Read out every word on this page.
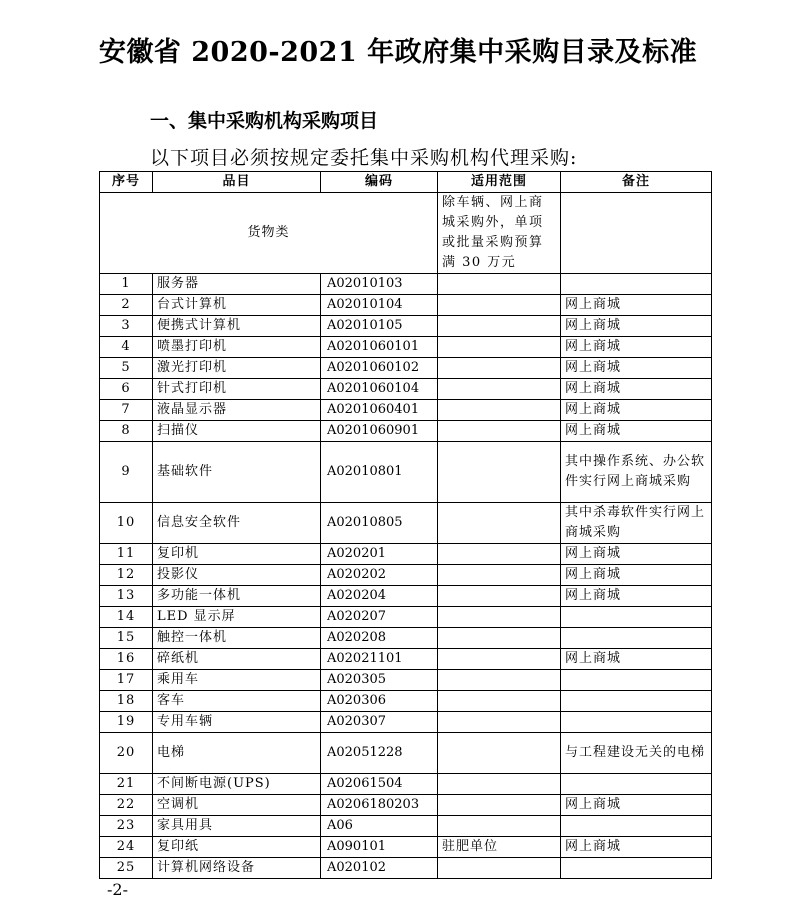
安徽省 2020-2021 年政府集中采购目录及标准
一、集中采购机构采购项目
以下项目必须按规定委托集中采购机构代理采购:
序号	品目	编码	适用范围	备注
货物类			除车辆、网上商城采购外，单项或批量采购预算满 30 万元	
1	服务器	A02010103		
2	台式计算机	A02010104		网上商城
3	便携式计算机	A02010105		网上商城
4	喷墨打印机	A0201060101		网上商城
5	激光打印机	A0201060102		网上商城
6	针式打印机	A0201060104		网上商城
7	液晶显示器	A0201060401		网上商城
8	扫描仪	A0201060901		网上商城
9	基础软件	A02010801		其中操作系统、办公软件实行网上商城采购
10	信息安全软件	A02010805		其中杀毒软件实行网上商城采购
11	复印机	A020201		网上商城
12	投影仪	A020202		网上商城
13	多功能一体机	A020204		网上商城
14	LED 显示屏	A020207		
15	触控一体机	A020208		
16	碎纸机	A02021101		网上商城
17	乘用车	A020305		
18	客车	A020306		
19	专用车辆	A020307		
20	电梯	A02051228		与工程建设无关的电梯
21	不间断电源(UPS)	A02061504		
22	空调机	A0206180203		网上商城
23	家具用具	A06		
24	复印纸	A090101	驻肥单位	网上商城
25	计算机网络设备	A020102		
-2-
